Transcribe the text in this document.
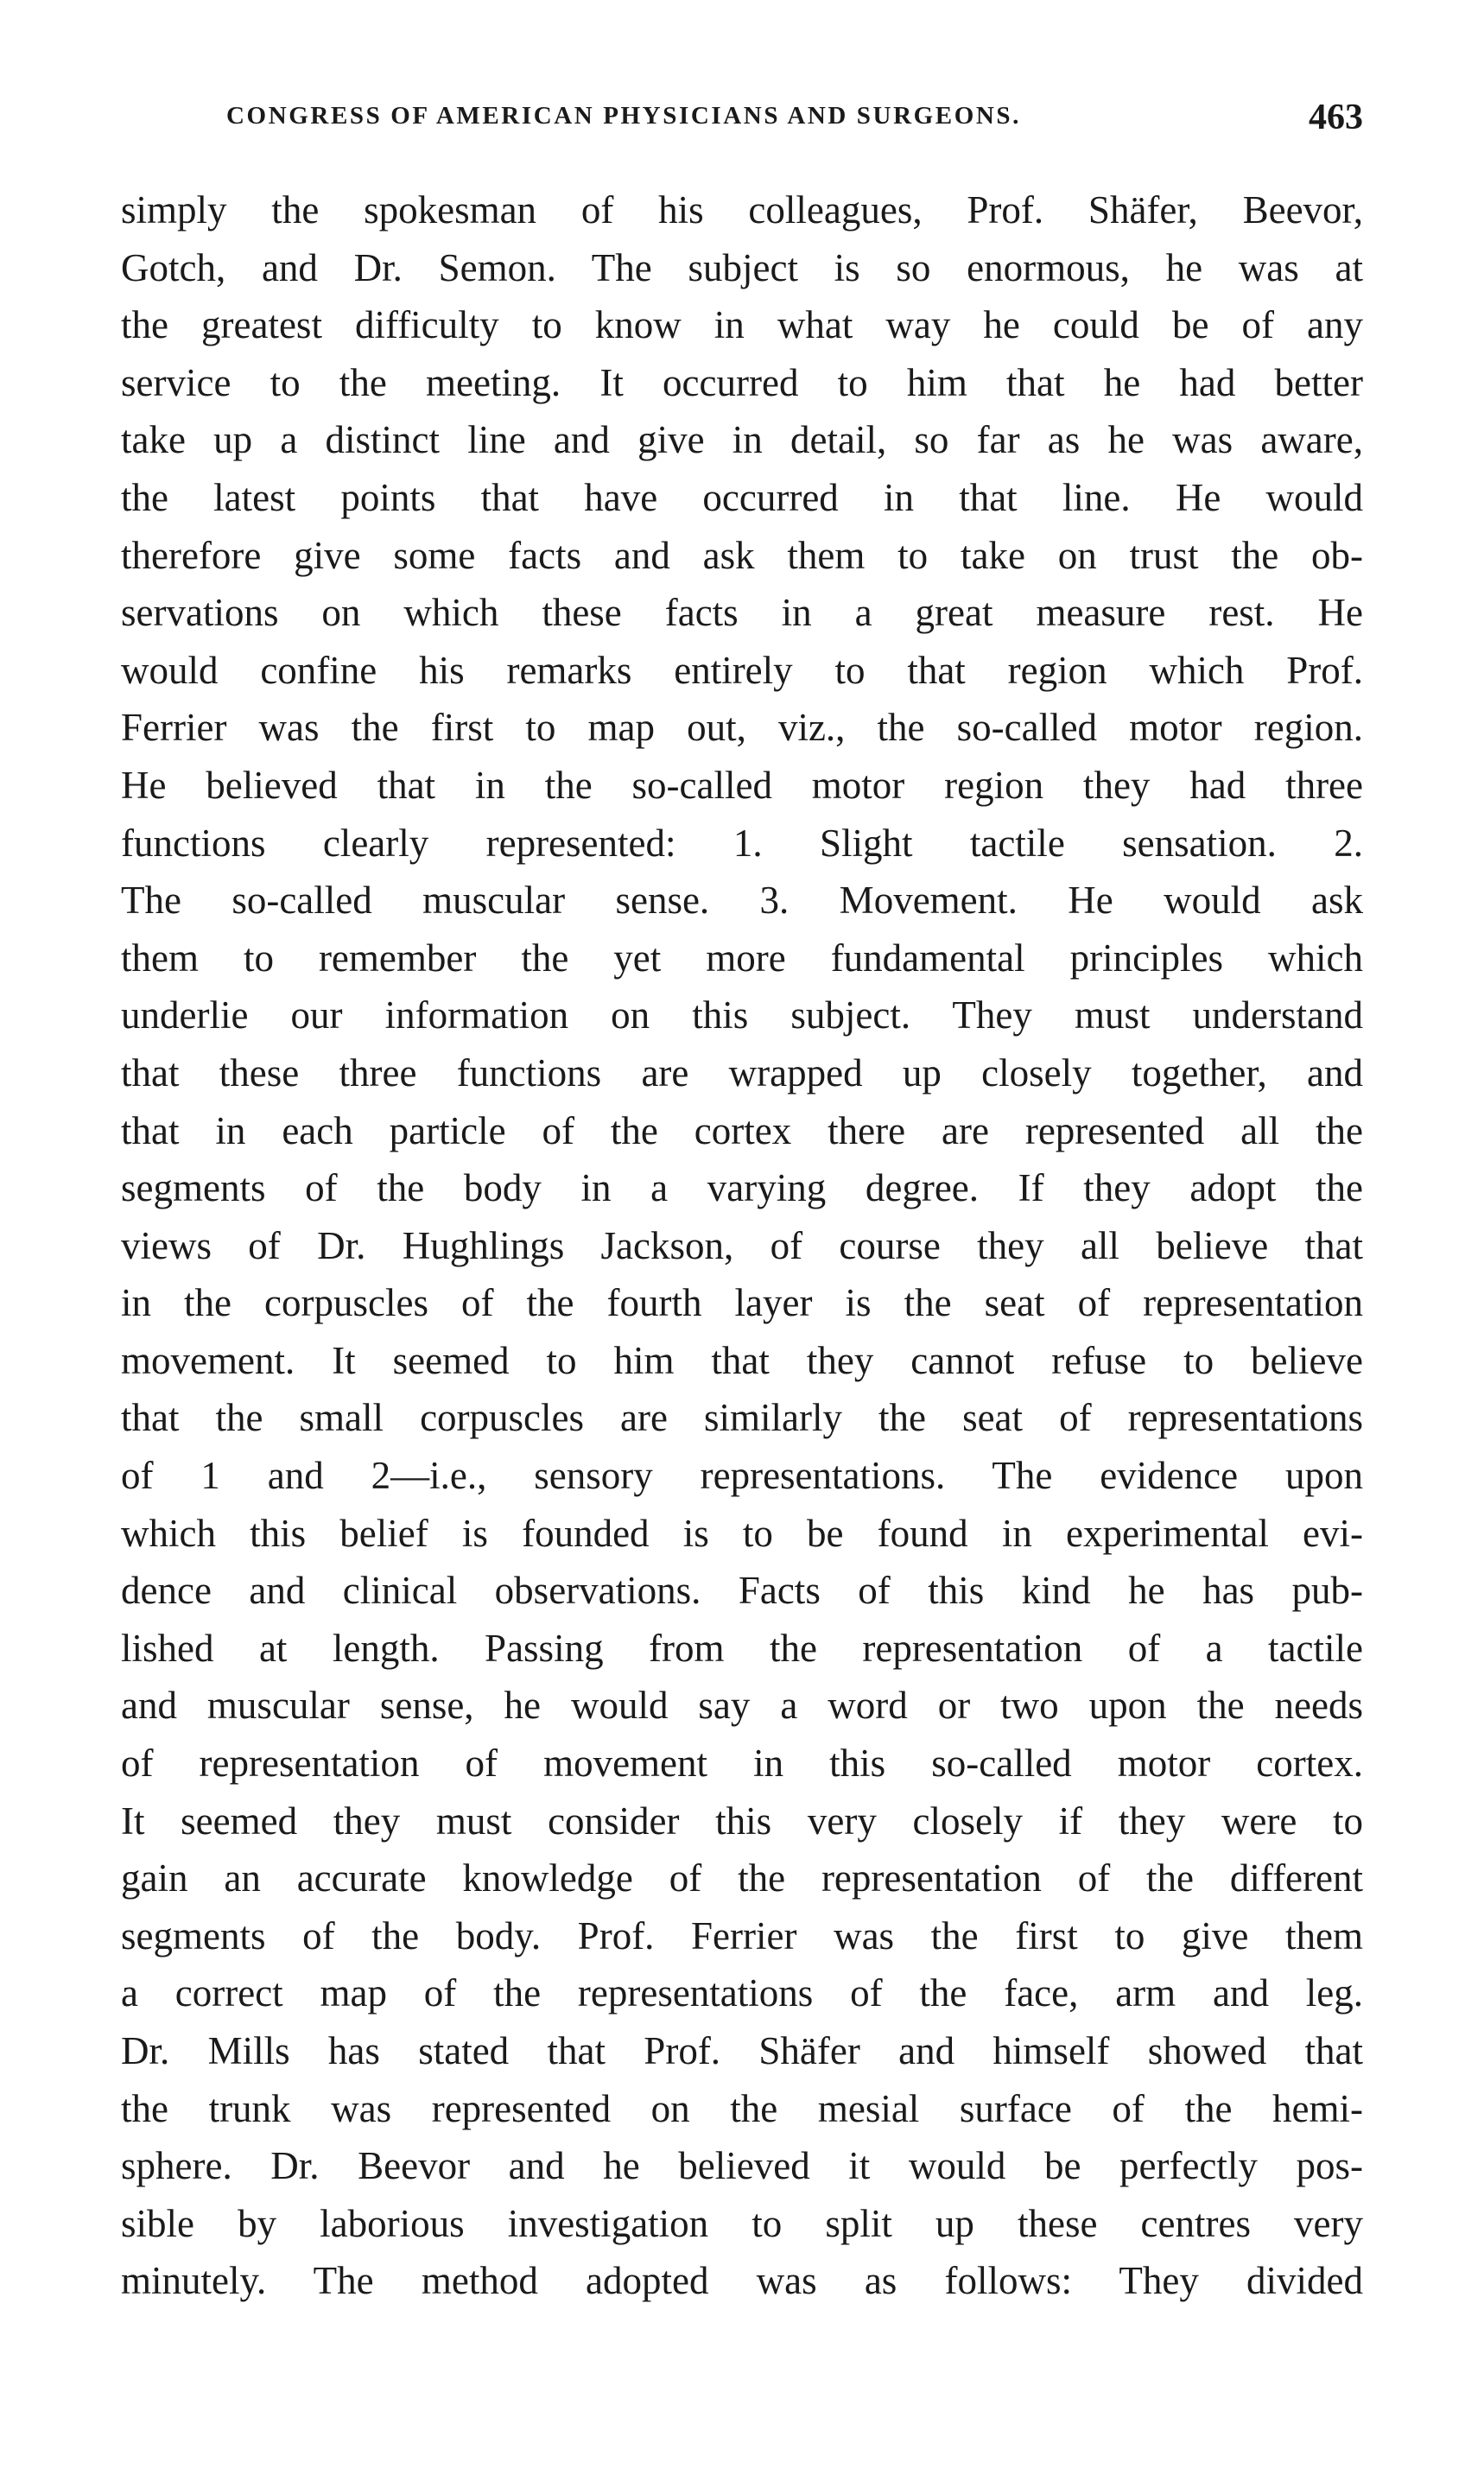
CONGRESS OF AMERICAN PHYSICIANS AND SURGEONS.	463
simply the spokesman of his colleagues, Prof. Shäfer, Beevor,
Gotch, and Dr. Semon. The subject is so enormous, he was at
the greatest difficulty to know in what way he could be of any
service to the meeting. It occurred to him that he had better
take up a distinct line and give in detail, so far as he was aware,
the latest points that have occurred in that line. He would
therefore give some facts and ask them to take on trust the ob-
servations on which these facts in a great measure rest. He
would confine his remarks entirely to that region which Prof.
Ferrier was the first to map out, viz., the so-called motor region.
He believed that in the so-called motor region they had three
functions clearly represented: 1. Slight tactile sensation. 2.
The so-called muscular sense. 3. Movement. He would ask
them to remember the yet more fundamental principles which
underlie our information on this subject. They must understand
that these three functions are wrapped up closely together, and
that in each particle of the cortex there are represented all the
segments of the body in a varying degree. If they adopt the
views of Dr. Hughlings Jackson, of course they all believe that
in the corpuscles of the fourth layer is the seat of representation
movement. It seemed to him that they cannot refuse to believe
that the small corpuscles are similarly the seat of representations
of 1 and 2—i.e., sensory representations. The evidence upon
which this belief is founded is to be found in experimental evi-
dence and clinical observations. Facts of this kind he has pub-
lished at length. Passing from the representation of a tactile
and muscular sense, he would say a word or two upon the needs
of representation of movement in this so-called motor cortex.
It seemed they must consider this very closely if they were to
gain an accurate knowledge of the representation of the different
segments of the body. Prof. Ferrier was the first to give them
a correct map of the representations of the face, arm and leg.
Dr. Mills has stated that Prof. Shäfer and himself showed that
the trunk was represented on the mesial surface of the hemi-
sphere. Dr. Beevor and he believed it would be perfectly pos-
sible by laborious investigation to split up these centres very
minutely. The method adopted was as follows: They divided
